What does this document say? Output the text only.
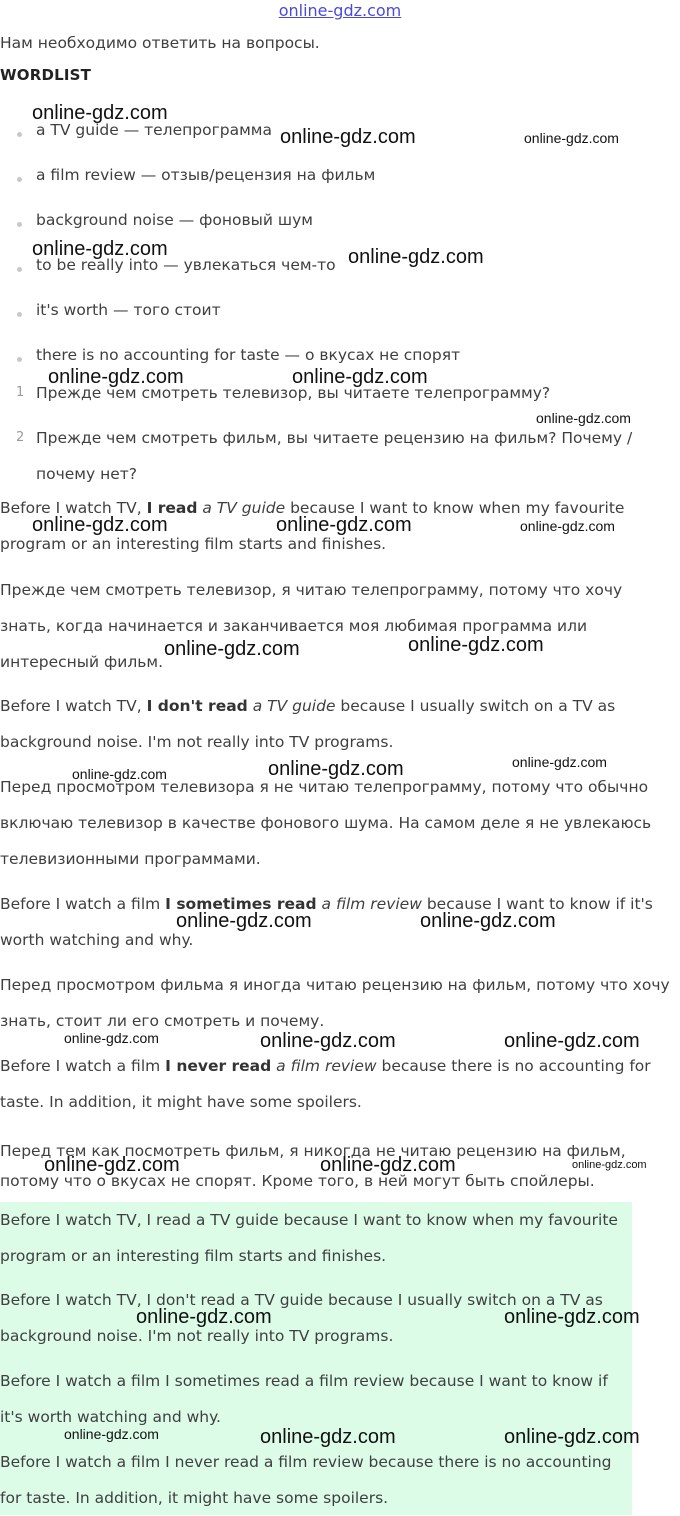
online-gdz.com

Нам необходимо ответить на вопросы.

WORDLIST
a TV guide — телепрограмма
a film review — отзыв/рецензия на фильм
background noise — фоновый шум
to be really into — увлекаться чем-то
it's worth — того стоит
there is no accounting for taste — о вкусах не спорят
1 Прежде чем смотреть телевизор, вы читаете телепрограмму?
2 Прежде чем смотреть фильм, вы читаете рецензию на фильм? Почему / почему нет?

Before I watch TV, I read a TV guide because I want to know when my favourite program or an interesting film starts and finishes.

Прежде чем смотреть телевизор, я читаю телепрограмму, потому что хочу знать, когда начинается и заканчивается моя любимая программа или интересный фильм.

Before I watch TV, I don't read a TV guide because I usually switch on a TV as background noise. I'm not really into TV programs.

Перед просмотром телевизора я не читаю телепрограмму, потому что обычно включаю телевизор в качестве фонового шума. На самом деле я не увлекаюсь телевизионными программами.

Before I watch a film I sometimes read a film review because I want to know if it's worth watching and why.

Перед просмотром фильма я иногда читаю рецензию на фильм, потому что хочу знать, стоит ли его смотреть и почему.

Before I watch a film I never read a film review because there is no accounting for taste. In addition, it might have some spoilers.

Перед тем как посмотреть фильм, я никогда не читаю рецензию на фильм, потому что о вкусах не спорят. Кроме того, в ней могут быть спойлеры.

Before I watch TV, I read a TV guide because I want to know when my favourite program or an interesting film starts and finishes.

Before I watch TV, I don't read a TV guide because I usually switch on a TV as background noise. I'm not really into TV programs.

Before I watch a film I sometimes read a film review because I want to know if it's worth watching and why.

Before I watch a film I never read a film review because there is no accounting for taste. In addition, it might have some spoilers.

online-gdz.com
online-gdz.com	online-gdz.com
online-gdz.com	online-gdz.com
online-gdz.com	online-gdz.com
online-gdz.com
online-gdz.com	online-gdz.com	online-gdz.com
online-gdz.com	online-gdz.com
online-gdz.com	online-gdz.com	online-gdz.com
online-gdz.com	online-gdz.com
online-gdz.com	online-gdz.com	online-gdz.com
online-gdz.com	online-gdz.com	online-gdz.com
online-gdz.com	online-gdz.com
online-gdz.com	online-gdz.com	online-gdz.com
